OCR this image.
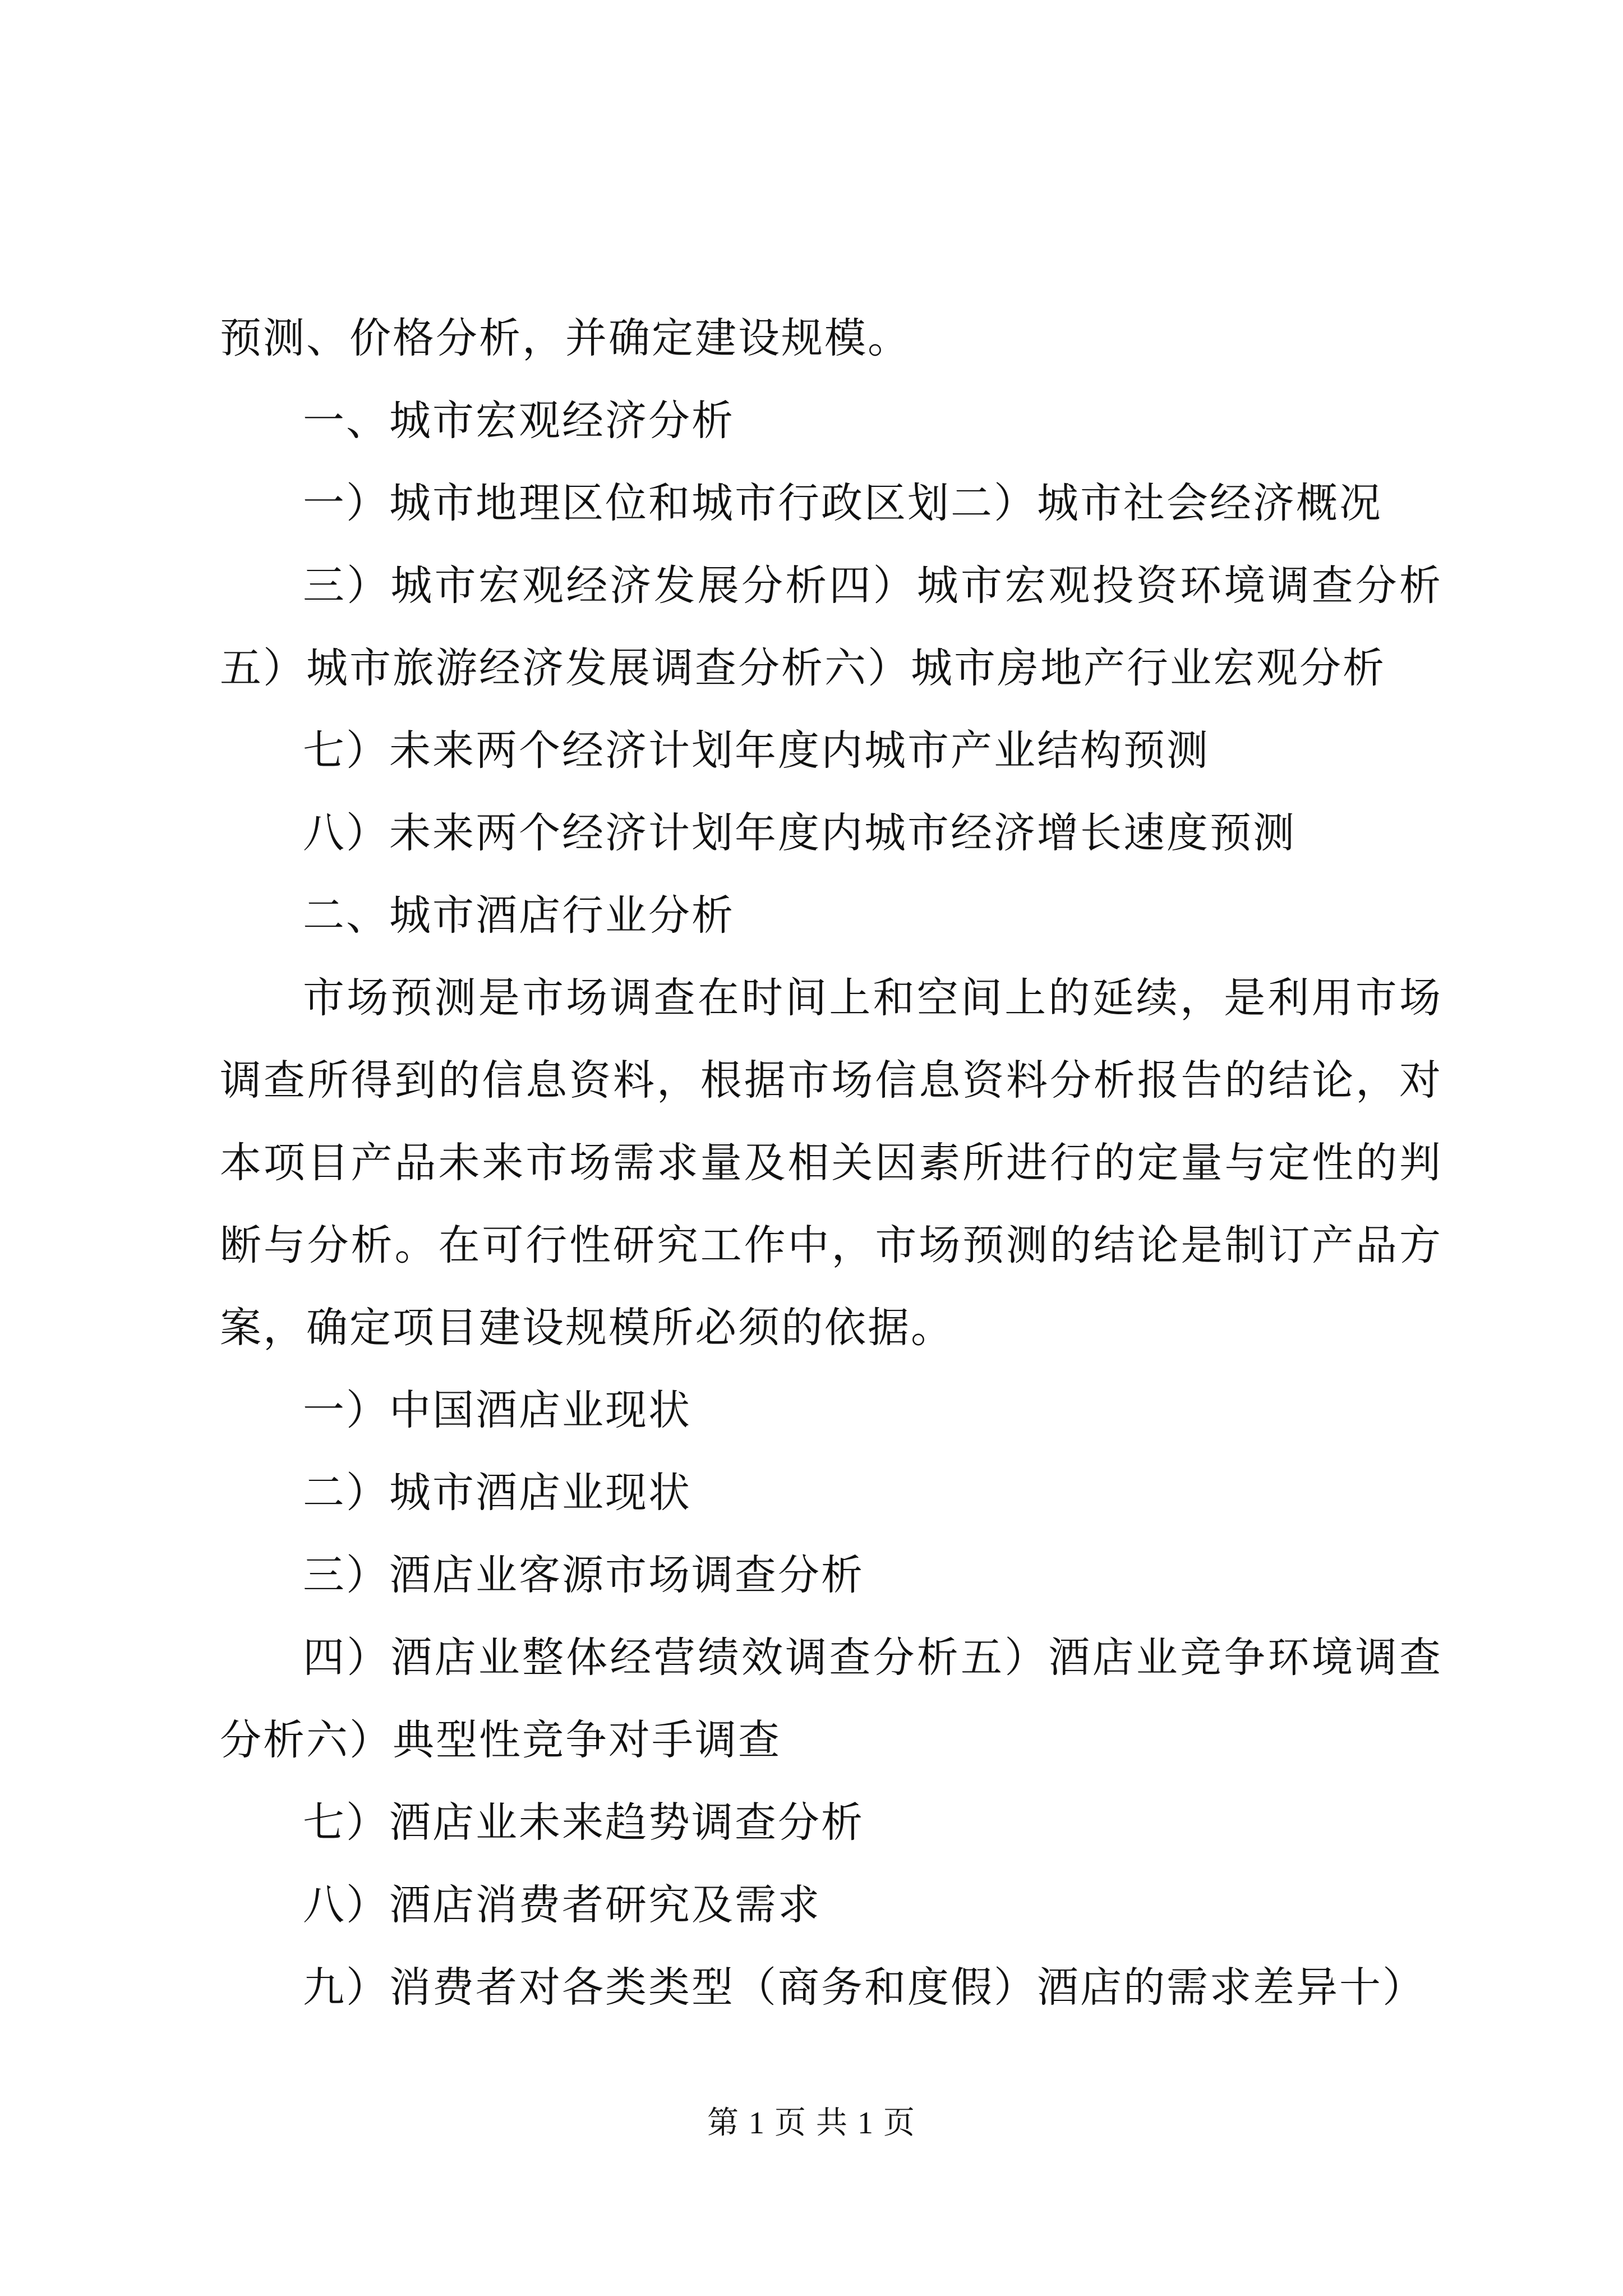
预测、价格分析，并确定建设规模。

一、城市宏观经济分析

一）城市地理区位和城市行政区划二）城市社会经济概况

三）城市宏观经济发展分析四）城市宏观投资环境调查分析五）城市旅游经济发展调查分析六）城市房地产行业宏观分析

七）未来两个经济计划年度内城市产业结构预测

八）未来两个经济计划年度内城市经济增长速度预测

二、城市酒店行业分析

市场预测是市场调查在时间上和空间上的延续，是利用市场调查所得到的信息资料，根据市场信息资料分析报告的结论，对本项目产品未来市场需求量及相关因素所进行的定量与定性的判断与分析。在可行性研究工作中，市场预测的结论是制订产品方案，确定项目建设规模所必须的依据。

一）中国酒店业现状

二）城市酒店业现状

三）酒店业客源市场调查分析

四）酒店业整体经营绩效调查分析五）酒店业竞争环境调查分析六）典型性竞争对手调查

七）酒店业未来趋势调查分析

八）酒店消费者研究及需求

九）消费者对各类类型（商务和度假）酒店的需求差异十）

第 1 页 共 1 页
